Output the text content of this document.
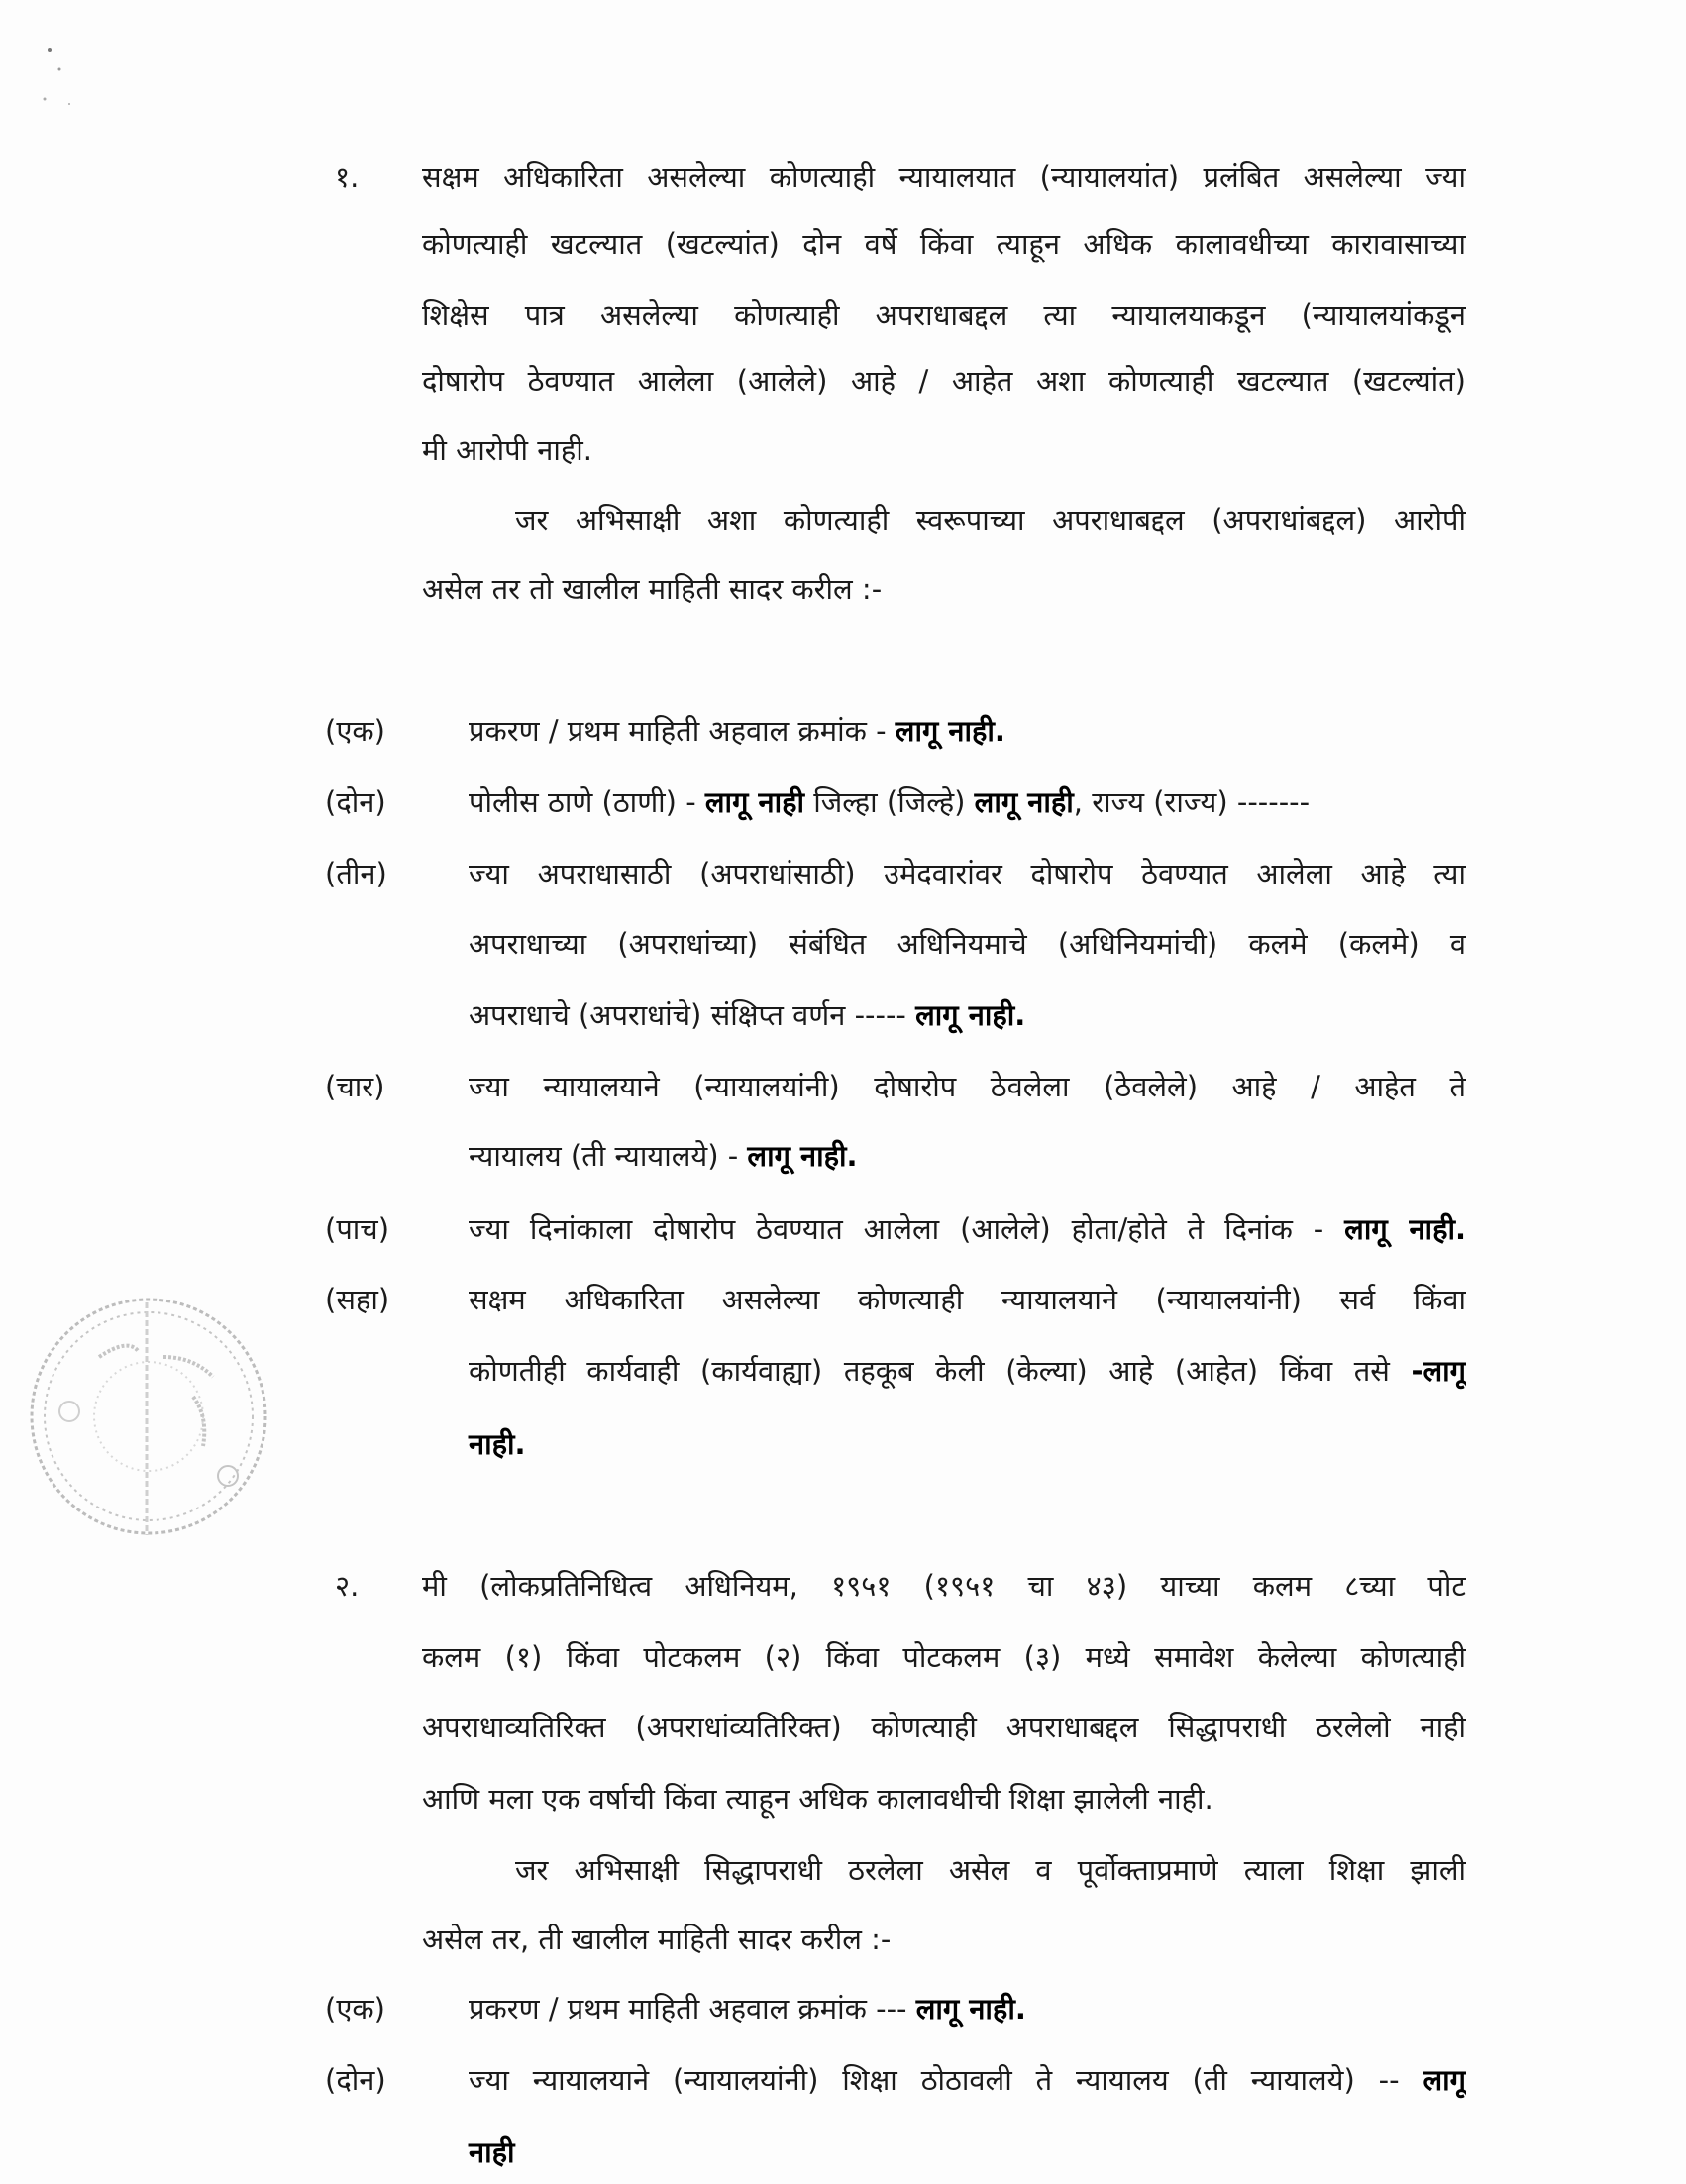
१. सक्षम अधिकारिता असलेल्या कोणत्याही न्यायालयात (न्यायालयांत) प्रलंबित असलेल्या ज्या
कोणत्याही खटल्यात (खटल्यांत) दोन वर्षे किंवा त्याहून अधिक कालावधीच्या कारावासाच्या
शिक्षेस पात्र असलेल्या कोणत्याही अपराधाबद्दल त्या न्यायालयाकडून (न्यायालयांकडून
दोषारोप ठेवण्यात आलेला (आलेले) आहे / आहेत अशा कोणत्याही खटल्यात (खटल्यांत)
मी आरोपी नाही.
जर अभिसाक्षी अशा कोणत्याही स्वरूपाच्या अपराधाबद्दल (अपराधांबद्दल) आरोपी
असेल तर तो खालील माहिती सादर करील :-
(एक)	प्रकरण / प्रथम माहिती अहवाल क्रमांक - लागू नाही.
(दोन)	पोलीस ठाणे (ठाणी) - लागू नाही जिल्हा (जिल्हे) लागू नाही, राज्य (राज्य) -------
(तीन)	ज्या अपराधासाठी (अपराधांसाठी) उमेदवारांवर दोषारोप ठेवण्यात आलेला आहे त्या
अपराधाच्या (अपराधांच्या) संबंधित अधिनियमाचे (अधिनियमांची) कलमे (कलमे) व
अपराधाचे (अपराधांचे) संक्षिप्त वर्णन ----- लागू नाही.
(चार)	ज्या न्यायालयाने (न्यायालयांनी) दोषारोप ठेवलेला (ठेवलेले) आहे / आहेत ते
न्यायालय (ती न्यायालये) - लागू नाही.
(पाच)	ज्या दिनांकाला दोषारोप ठेवण्यात आलेला (आलेले) होता/होते ते दिनांक - लागू नाही.
(सहा)	सक्षम अधिकारिता असलेल्या कोणत्याही न्यायालयाने (न्यायालयांनी) सर्व किंवा
कोणतीही कार्यवाही (कार्यवाह्या) तहकूब केली (केल्या) आहे (आहेत) किंवा तसे -लागू
नाही.
२. मी (लोकप्रतिनिधित्व अधिनियम, १९५१ (१९५१ चा ४३) याच्या कलम ८च्या पोट
कलम (१) किंवा पोटकलम (२) किंवा पोटकलम (३) मध्ये समावेश केलेल्या कोणत्याही
अपराधाव्यतिरिक्त (अपराधांव्यतिरिक्त) कोणत्याही अपराधाबद्दल सिद्धापराधी ठरलेलो नाही
आणि मला एक वर्षाची किंवा त्याहून अधिक कालावधीची शिक्षा झालेली नाही.
जर अभिसाक्षी सिद्धापराधी ठरलेला असेल व पूर्वोक्ताप्रमाणे त्याला शिक्षा झाली
असेल तर, ती खालील माहिती सादर करील :-
(एक)	प्रकरण / प्रथम माहिती अहवाल क्रमांक --- लागू नाही.
(दोन)	ज्या न्यायालयाने (न्यायालयांनी) शिक्षा ठोठावली ते न्यायालय (ती न्यायालये) -- लागू
नाही
